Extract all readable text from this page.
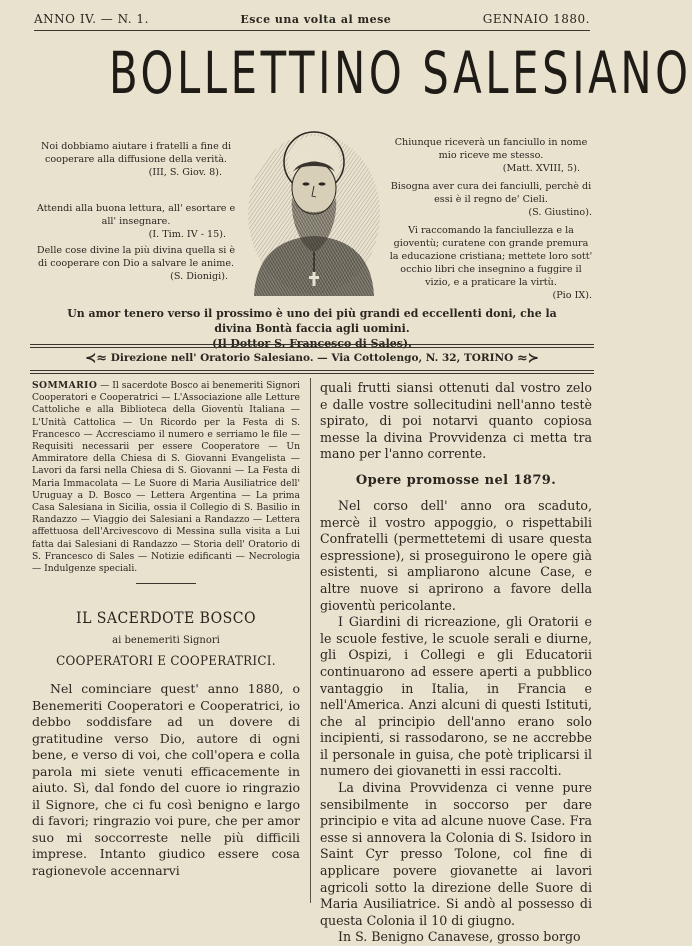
ANNO IV. — N. 1.	Esce una volta al mese	GENNAIO 1880.
BOLLETTINO SALESIANO
Noi dobbiamo aiutare i fratelli a fine di cooperare alla diffusione della verità.
(III, S. Giov. 8).
Attendi alla buona lettura, all' esortare e all' insegnare.
(I. Tim. IV - 15).
Delle cose divine la più divina quella si è di cooperare con Dio a salvare le anime.
(S. Dionigi).
Chiunque riceverà un fanciullo in nome mio riceve me stesso.
(Matt. XVIII, 5).
Bisogna aver cura dei fanciulli, perchè di essi è il regno de' Cieli.
(S. Giustino).
Vi raccomando la fanciullezza e la gioventù; curatene con grande premura la educazione cristiana; mettete loro sott' occhio libri che insegnino a fuggire il vizio, e a praticare la virtù.
(Pio IX).
Un amor tenero verso il prossimo è uno dei più grandi ed eccellenti doni, che la divina Bontà faccia agli uomini.
(Il Dottor S. Francesco di Sales).
≺≈ Direzione nell' Oratorio Salesiano. — Via Cottolengo, N. 32, TORINO ≈≻

SOMMARIO — Il sacerdote Bosco ai benemeriti Signori Cooperatori e Cooperatrici — L'Associazione alle Letture Cattoliche e alla Biblioteca della Gioventù Italiana — L'Unità Cattolica — Un Ricordo per la Festa di S. Francesco — Accresciamo il numero e serriamo le file — Requisiti necessarii per essere Cooperatore — Un Ammiratore della Chiesa di S. Giovanni Evangelista — Lavori da farsi nella Chiesa di S. Giovanni — La Festa di Maria Immacolata — Le Suore di Maria Ausiliatrice dell' Uruguay a D. Bosco — Lettera Argentina — La prima Casa Salesiana in Sicilia, ossia il Collegio di S. Basilio in Randazzo — Viaggio dei Salesiani a Randazzo — Lettera affettuosa dell'Arcivescovo di Messina sulla visita a Lui fatta dai Salesiani di Randazzo — Storia dell' Oratorio di S. Francesco di Sales — Notizie edificanti — Necrologia — Indulgenze speciali.

IL SACERDOTE BOSCO
ai benemeriti Signori
COOPERATORI E COOPERATRICI.

Nel cominciare quest' anno 1880, o Benemeriti Cooperatori e Cooperatrici, io debbo soddisfare ad un dovere di gratitudine verso Dio, autore di ogni bene, e verso di voi, che coll'opera e colla parola mi siete venuti efficacemente in aiuto. Sì, dal fondo del cuore io ringrazio il Signore, che ci fu così benigno e largo di favori; ringrazio voi pure, che per amor suo mi soccorreste nelle più difficili imprese. Intanto giudico essere cosa ragionevole accennarvi

quali frutti siansi ottenuti dal vostro zelo e dalle vostre sollecitudini nell'anno testè spirato, di poi notarvi quanto copiosa messe la divina Provvidenza ci metta tra mano per l'anno corrente.

Opere promosse nel 1879.

Nel corso dell' anno ora scaduto, mercè il vostro appoggio, o rispettabili Confratelli (permettetemi di usare questa espressione), si proseguirono le opere già esistenti, si ampliarono alcune Case, e altre nuove si aprirono a favore della gioventù pericolante.

I Giardini di ricreazione, gli Oratorii e le scuole festive, le scuole serali e diurne, gli Ospizi, i Collegi e gli Educatorii continuarono ad essere aperti a pubblico vantaggio in Italia, in Francia e nell'America. Anzi alcuni di questi Istituti, che al principio dell'anno erano solo incipienti, si rassodarono, se ne accrebbe il personale in guisa, che potè triplicarsi il numero dei giovanetti in essi raccolti.

La divina Provvidenza ci venne pure sensibilmente in soccorso per dare principio e vita ad alcune nuove Case. Fra esse si annovera la Colonia di S. Isidoro in Saint Cyr presso Tolone, col fine di applicare povere giovanette ai lavori agricoli sotto la direzione delle Suore di Maria Ausiliatrice. Si andò al possesso di questa Colonia il 10 di giugno.

In S. Benigno Canavese, grosso borgo
